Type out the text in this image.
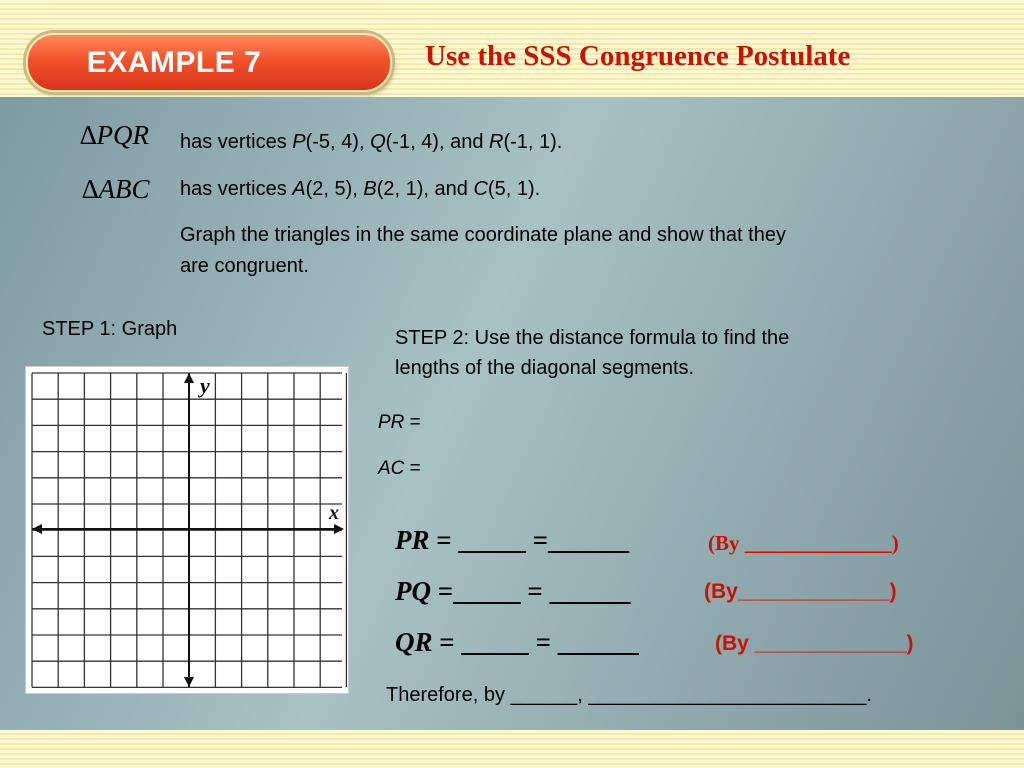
EXAMPLE 7	Use the SSS Congruence Postulate
∆PQR has vertices P(-5, 4), Q(-1, 4), and R(-1, 1).
∆ABC has vertices A(2, 5), B(2, 1), and C(5, 1).
Graph the triangles in the same coordinate plane and show that they
are congruent.
STEP 1: Graph
x
y
STEP 2: Use the distance formula to find the
lengths of the diagonal segments.
PR =
AC =
PR = _____ =______	(By ______________)
PQ =_____ = ______	(By_____________)
QR = _____ = ______	(By _____________)
Therefore, by ______, _________________________.
